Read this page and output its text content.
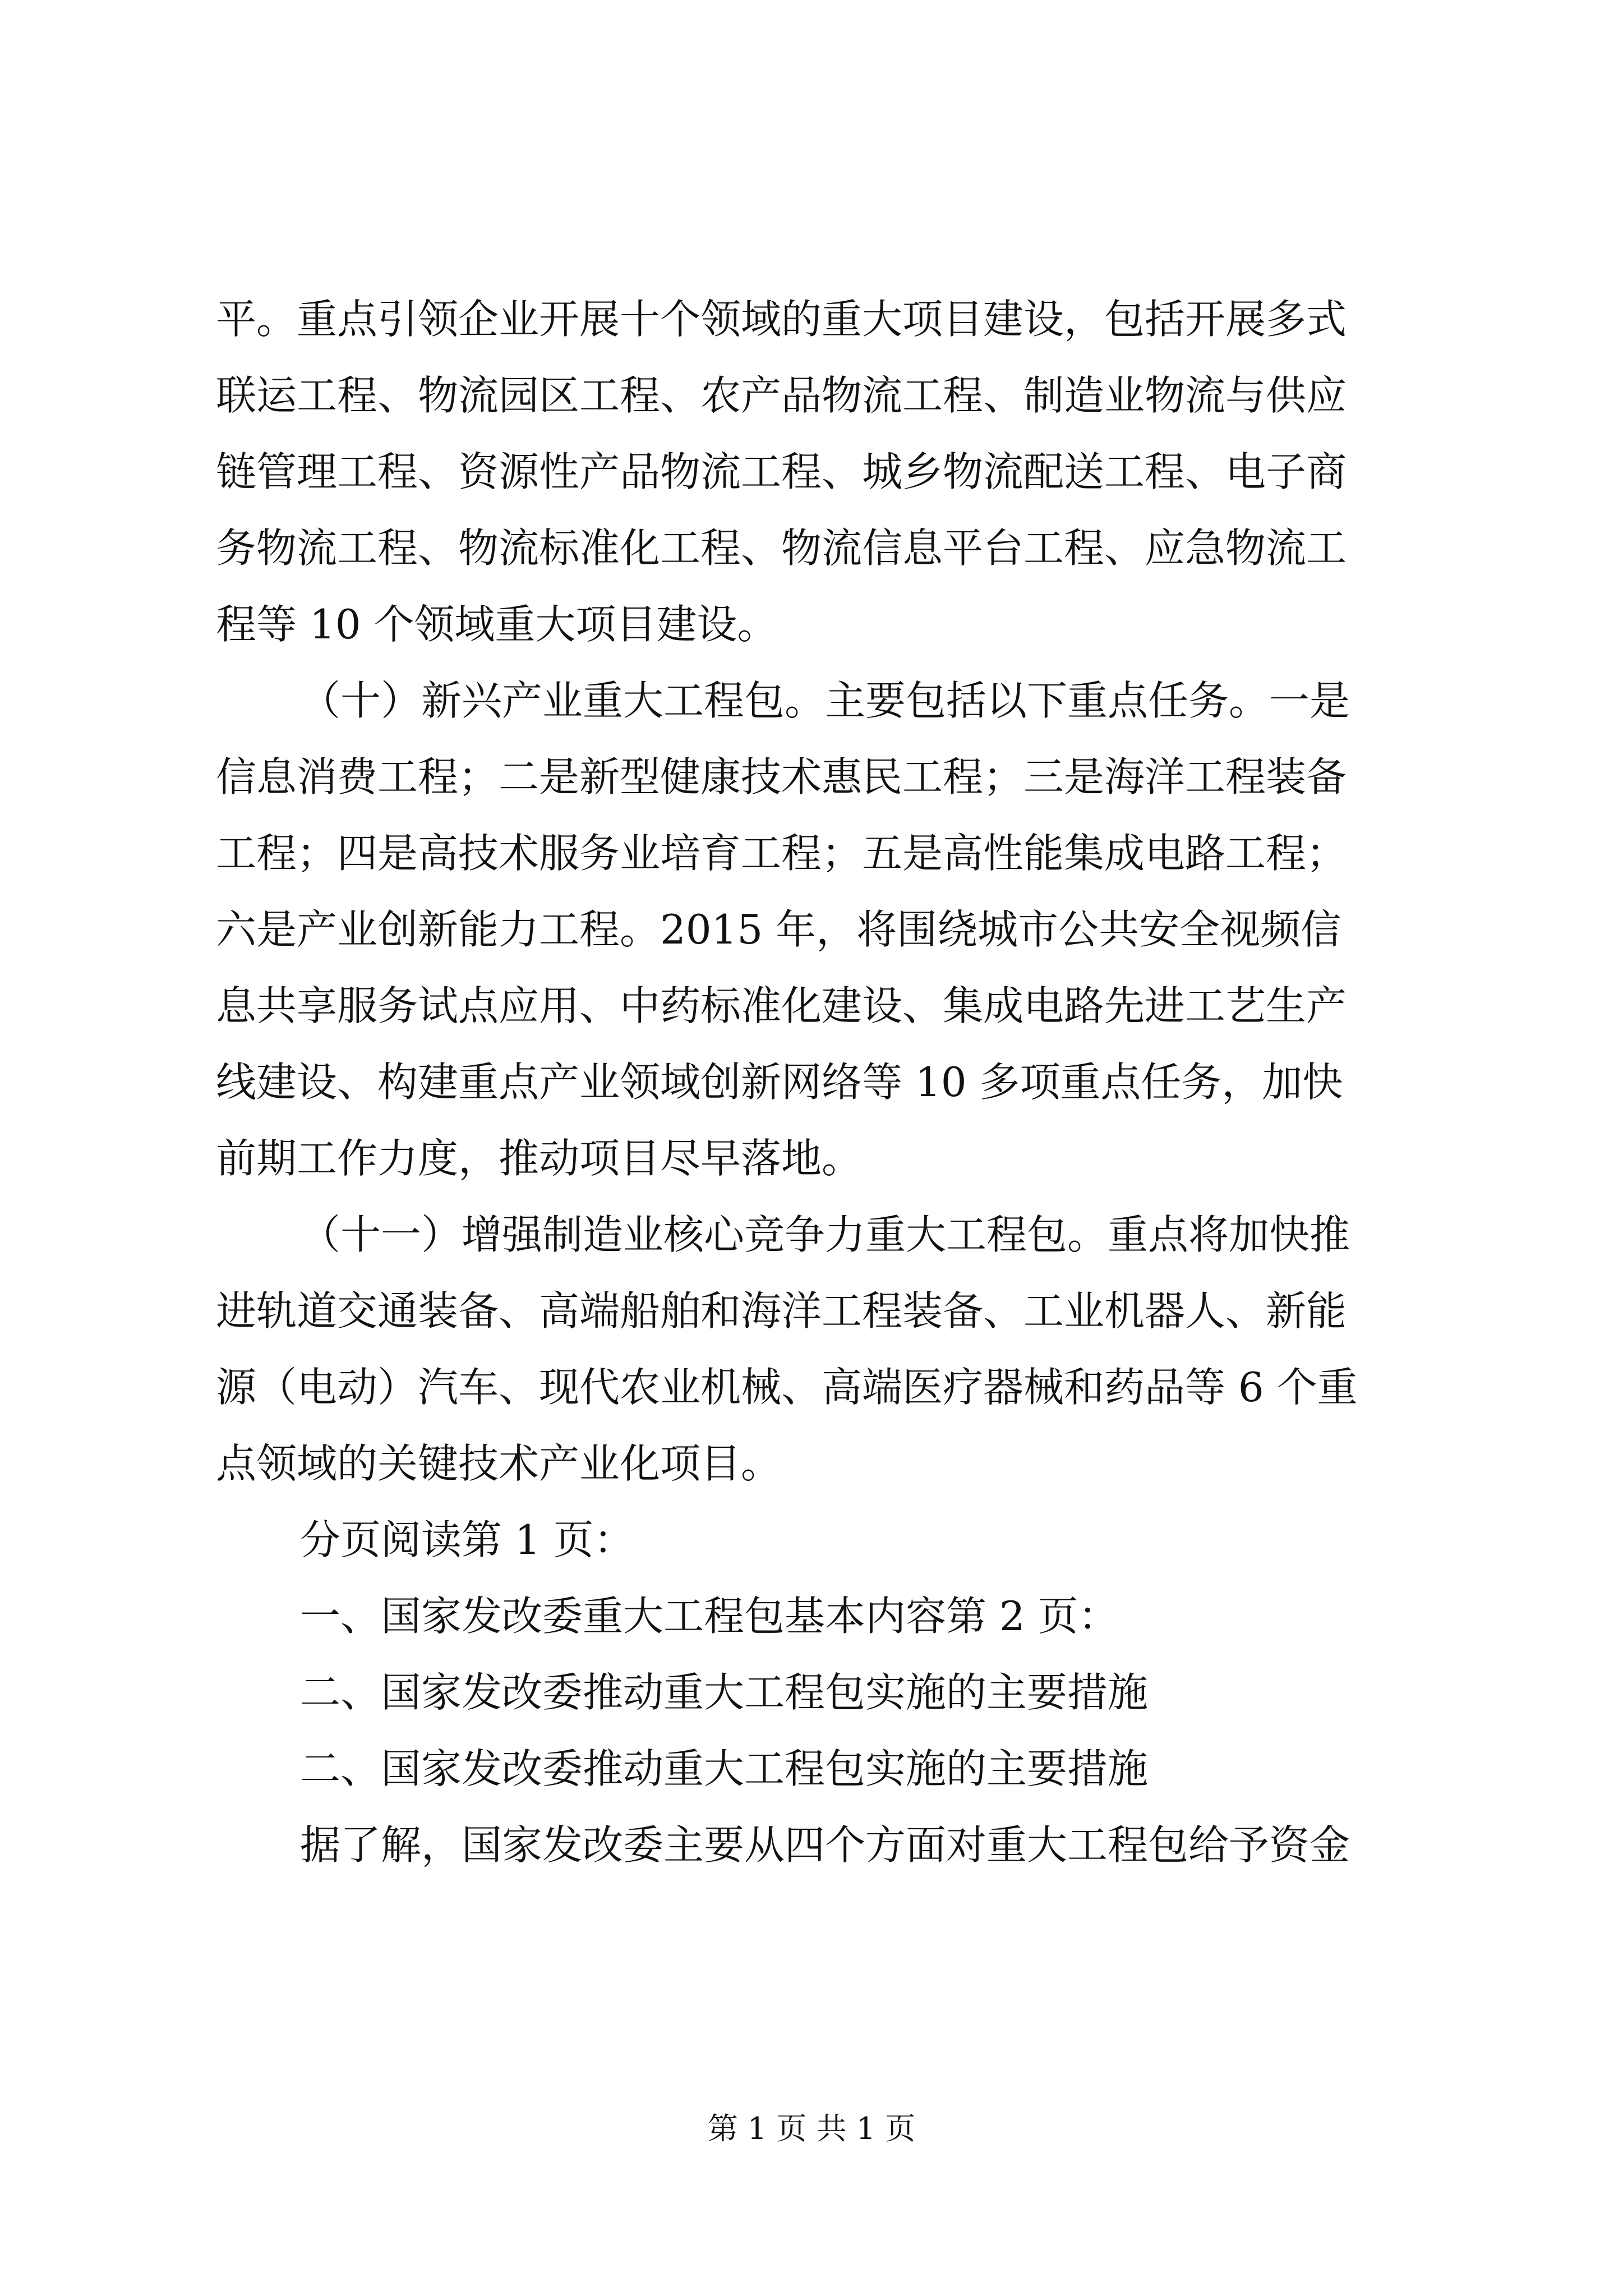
平。重点引领企业开展十个领域的重大项目建设，包括开展多式
联运工程、物流园区工程、农产品物流工程、制造业物流与供应
链管理工程、资源性产品物流工程、城乡物流配送工程、电子商
务物流工程、物流标准化工程、物流信息平台工程、应急物流工
程等 10 个领域重大项目建设。
（十）新兴产业重大工程包。主要包括以下重点任务。一是
信息消费工程；二是新型健康技术惠民工程；三是海洋工程装备
工程；四是高技术服务业培育工程；五是高性能集成电路工程；
六是产业创新能力工程。2015 年，将围绕城市公共安全视频信
息共享服务试点应用、中药标准化建设、集成电路先进工艺生产
线建设、构建重点产业领域创新网络等 10 多项重点任务，加快
前期工作力度，推动项目尽早落地。
（十一）增强制造业核心竞争力重大工程包。重点将加快推
进轨道交通装备、高端船舶和海洋工程装备、工业机器人、新能
源（电动）汽车、现代农业机械、高端医疗器械和药品等 6 个重
点领域的关键技术产业化项目。
分页阅读第 1 页：
一、国家发改委重大工程包基本内容第 2 页：
二、国家发改委推动重大工程包实施的主要措施
二、国家发改委推动重大工程包实施的主要措施
据了解，国家发改委主要从四个方面对重大工程包给予资金
第 1 页 共 1 页
